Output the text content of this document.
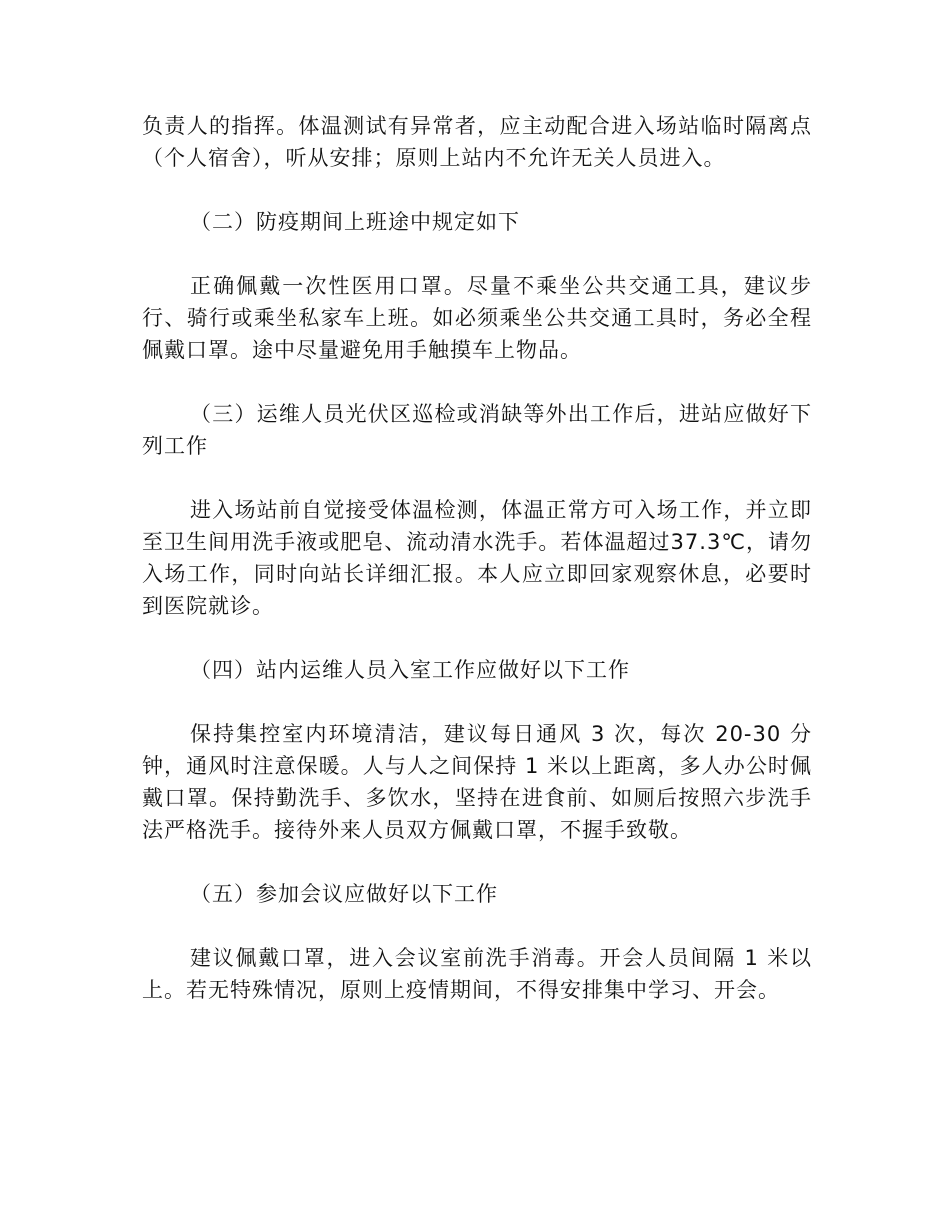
负责人的指挥。体温测试有异常者，应主动配合进入场站临时隔离点（个人宿舍），听从安排；原则上站内不允许无关人员进入。

（二）防疫期间上班途中规定如下

正确佩戴一次性医用口罩。尽量不乘坐公共交通工具，建议步行、骑行或乘坐私家车上班。如必须乘坐公共交通工具时，务必全程佩戴口罩。途中尽量避免用手触摸车上物品。

（三）运维人员光伏区巡检或消缺等外出工作后，进站应做好下列工作

进入场站前自觉接受体温检测，体温正常方可入场工作，并立即至卫生间用洗手液或肥皂、流动清水洗手。若体温超过37.3℃，请勿入场工作，同时向站长详细汇报。本人应立即回家观察休息，必要时到医院就诊。

（四）站内运维人员入室工作应做好以下工作

保持集控室内环境清洁，建议每日通风 3 次，每次 20-30 分钟，通风时注意保暖。人与人之间保持 1 米以上距离，多人办公时佩戴口罩。保持勤洗手、多饮水，坚持在进食前、如厕后按照六步洗手法严格洗手。接待外来人员双方佩戴口罩，不握手致敬。

（五）参加会议应做好以下工作

建议佩戴口罩，进入会议室前洗手消毒。开会人员间隔 1 米以上。若无特殊情况，原则上疫情期间，不得安排集中学习、开会。
